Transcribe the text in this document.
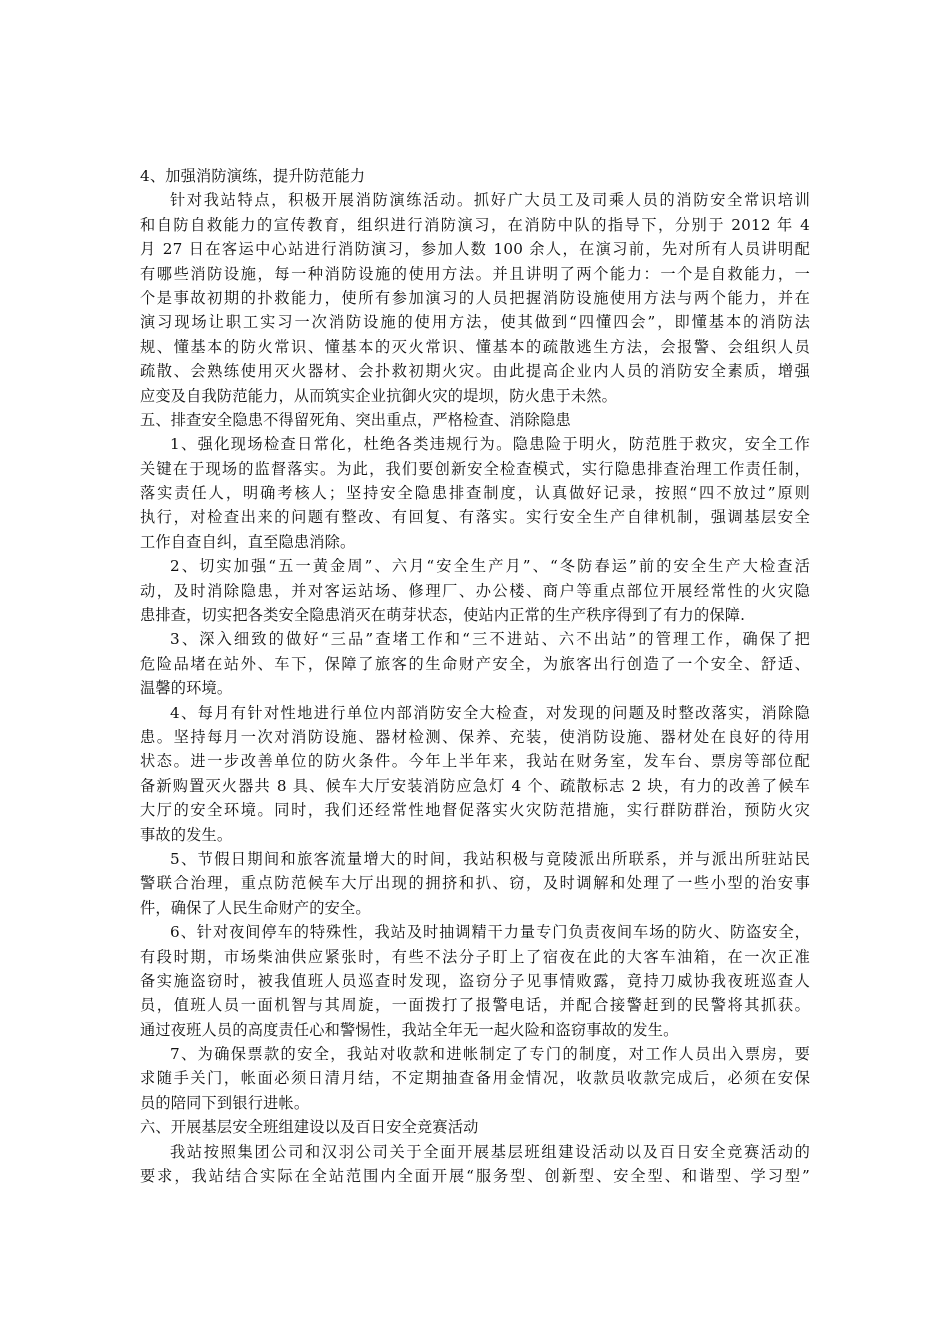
4、加强消防演练，提升防范能力
针对我站特点，积极开展消防演练活动。抓好广大员工及司乘人员的消防安全常识培训
和自防自救能力的宣传教育，组织进行消防演习，在消防中队的指导下，分别于 2012 年 4
月 27 日在客运中心站进行消防演习，参加人数 100 余人，在演习前，先对所有人员讲明配
有哪些消防设施，每一种消防设施的使用方法。并且讲明了两个能力：一个是自救能力，一
个是事故初期的扑救能力，使所有参加演习的人员把握消防设施使用方法与两个能力，并在
演习现场让职工实习一次消防设施的使用方法，使其做到“四懂四会”，即懂基本的消防法
规、懂基本的防火常识、懂基本的灭火常识、懂基本的疏散逃生方法，会报警、会组织人员
疏散、会熟练使用灭火器材、会扑救初期火灾。由此提高企业内人员的消防安全素质，增强
应变及自我防范能力，从而筑实企业抗御火灾的堤坝，防火患于未然。
五、排查安全隐患不得留死角、突出重点，严格检查、消除隐患
1、强化现场检查日常化，杜绝各类违规行为。隐患险于明火，防范胜于救灾，安全工作
关键在于现场的监督落实。为此，我们要创新安全检查模式，实行隐患排查治理工作责任制，
落实责任人，明确考核人；坚持安全隐患排查制度，认真做好记录，按照“四不放过”原则
执行，对检查出来的问题有整改、有回复、有落实。实行安全生产自律机制，强调基层安全
工作自查自纠，直至隐患消除。
2、切实加强“五一黄金周”、六月“安全生产月”、“冬防春运”前的安全生产大检查活
动，及时消除隐患，并对客运站场、修理厂、办公楼、商户等重点部位开展经常性的火灾隐
患排查，切实把各类安全隐患消灭在萌芽状态，使站内正常的生产秩序得到了有力的保障.
3、深入细致的做好“三品”查堵工作和“三不进站、六不出站”的管理工作，确保了把
危险品堵在站外、车下，保障了旅客的生命财产安全，为旅客出行创造了一个安全、舒适、
温馨的环境。
4、每月有针对性地进行单位内部消防安全大检查，对发现的问题及时整改落实，消除隐
患。坚持每月一次对消防设施、器材检测、保养、充装，使消防设施、器材处在良好的待用
状态。进一步改善单位的防火条件。今年上半年来，我站在财务室，发车台、票房等部位配
备新购置灭火器共 8 具、候车大厅安装消防应急灯 4 个、疏散标志 2 块，有力的改善了候车
大厅的安全环境。同时，我们还经常性地督促落实火灾防范措施，实行群防群治，预防火灾
事故的发生。
5、节假日期间和旅客流量增大的时间，我站积极与竟陵派出所联系，并与派出所驻站民
警联合治理，重点防范候车大厅出现的拥挤和扒、窃，及时调解和处理了一些小型的治安事
件，确保了人民生命财产的安全。
6、针对夜间停车的特殊性，我站及时抽调精干力量专门负责夜间车场的防火、防盗安全，
有段时期，市场柴油供应紧张时，有些不法分子盯上了宿夜在此的大客车油箱，在一次正准
备实施盗窃时，被我值班人员巡查时发现，盗窃分子见事情败露，竟持刀威协我夜班巡查人
员，值班人员一面机智与其周旋，一面拨打了报警电话，并配合接警赶到的民警将其抓获。
通过夜班人员的高度责任心和警惕性，我站全年无一起火险和盗窃事故的发生。
7、为确保票款的安全，我站对收款和进帐制定了专门的制度，对工作人员出入票房，要
求随手关门，帐面必须日清月结，不定期抽查备用金情况，收款员收款完成后，必须在安保
员的陪同下到银行进帐。
六、开展基层安全班组建设以及百日安全竞赛活动
我站按照集团公司和汉羽公司关于全面开展基层班组建设活动以及百日安全竞赛活动的
要求，我站结合实际在全站范围内全面开展“服务型、创新型、安全型、和谐型、学习型”
